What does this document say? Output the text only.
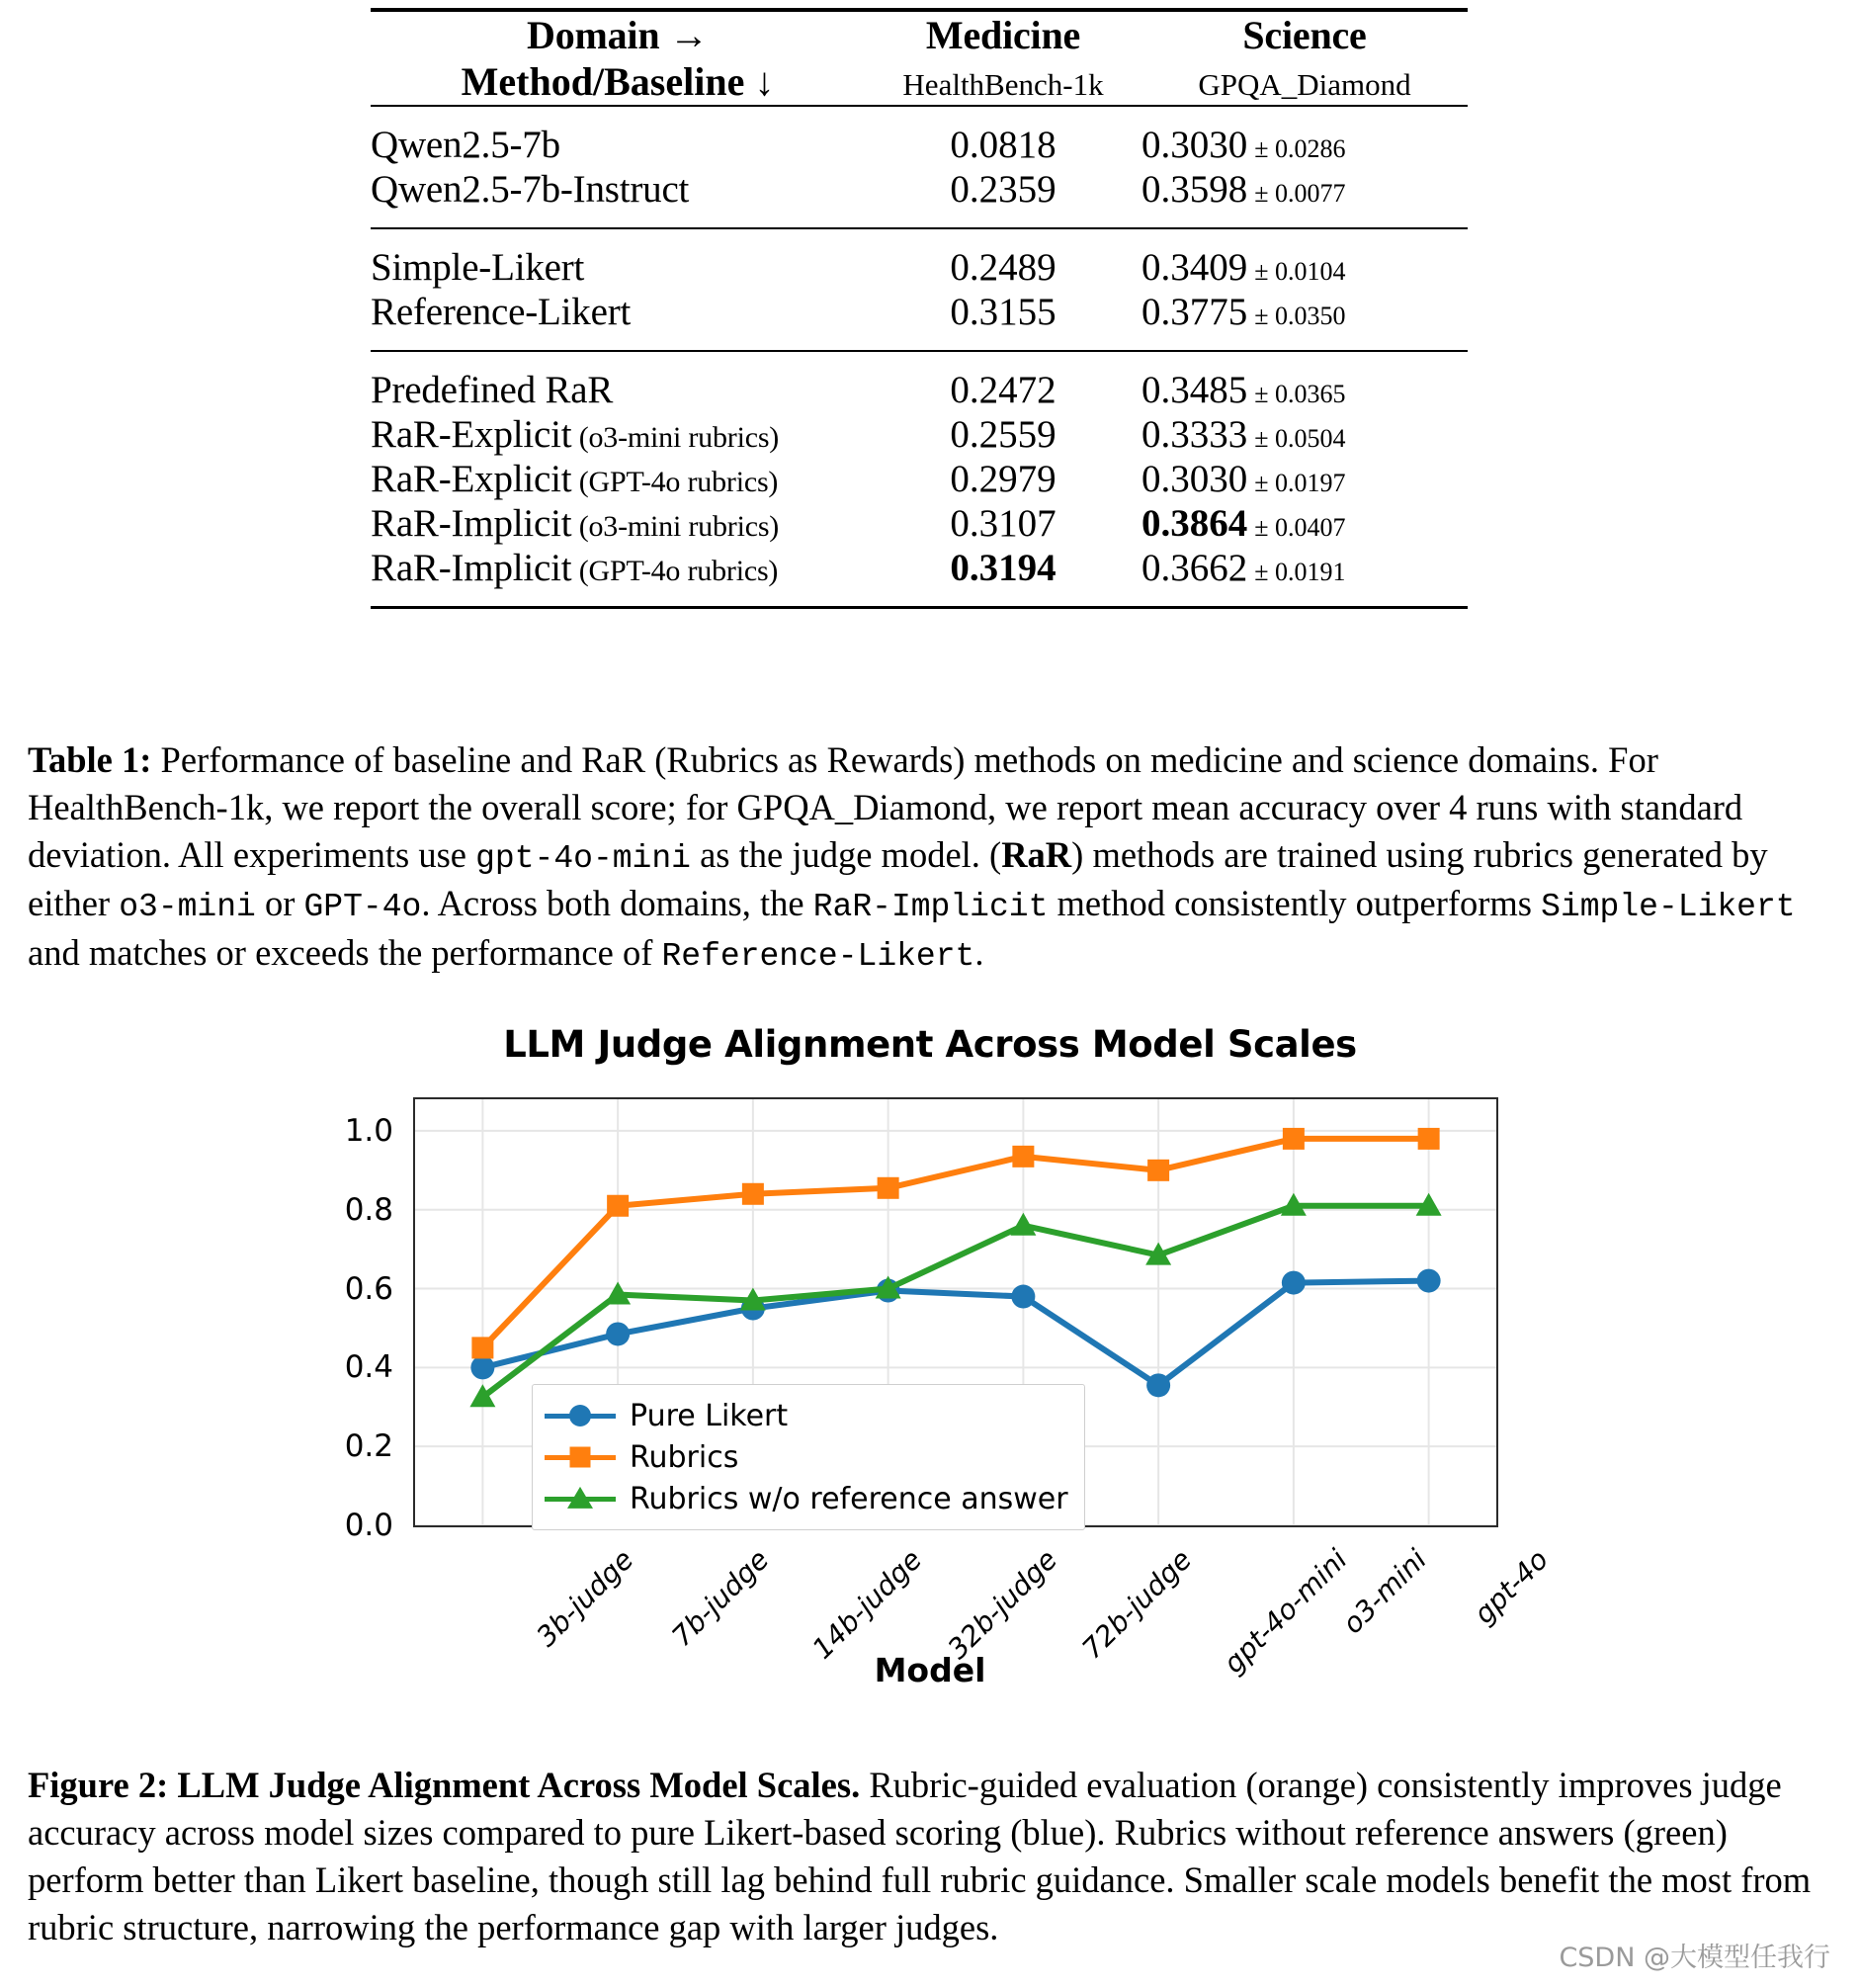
Domain →	Medicine	Science
Method/Baseline ↓	HealthBench-1k	GPQA_Diamond
Qwen2.5-7b	0.0818	0.3030 ± 0.0286
Qwen2.5-7b-Instruct	0.2359	0.3598 ± 0.0077
Simple-Likert	0.2489	0.3409 ± 0.0104
Reference-Likert	0.3155	0.3775 ± 0.0350
Predefined RaR	0.2472	0.3485 ± 0.0365
RaR-Explicit (o3-mini rubrics)	0.2559	0.3333 ± 0.0504
RaR-Explicit (GPT-4o rubrics)	0.2979	0.3030 ± 0.0197
RaR-Implicit (o3-mini rubrics)	0.3107	0.3864 ± 0.0407
RaR-Implicit (GPT-4o rubrics)	0.3194	0.3662 ± 0.0191
Table 1: Performance of baseline and RaR (Rubrics as Rewards) methods on medicine and science domains. For HealthBench-1k, we report the overall score; for GPQA_Diamond, we report mean accuracy over 4 runs with standard deviation. All experiments use gpt-4o-mini as the judge model. (RaR) methods are trained using rubrics generated by either o3-mini or GPT-4o. Across both domains, the RaR-Implicit method consistently outperforms Simple-Likert and matches or exceeds the performance of Reference-Likert.
LLM Judge Alignment Across Model Scales
Model
Pure Likert
Rubrics
Rubrics w/o reference answer
0.0
0.2
0.4
0.6
0.8
1.0
3b-judge 7b-judge 14b-judge 32b-judge 72b-judge gpt-4o-mini
o3-mini gpt-4o
Figure 2: LLM Judge Alignment Across Model Scales. Rubric-guided evaluation (orange) consistently improves judge accuracy across model sizes compared to pure Likert-based scoring (blue). Rubrics without reference answers (green) perform better than Likert baseline, though still lag behind full rubric guidance. Smaller scale models benefit the most from rubric structure, narrowing the performance gap with larger judges.
CSDN @大模型任我行
